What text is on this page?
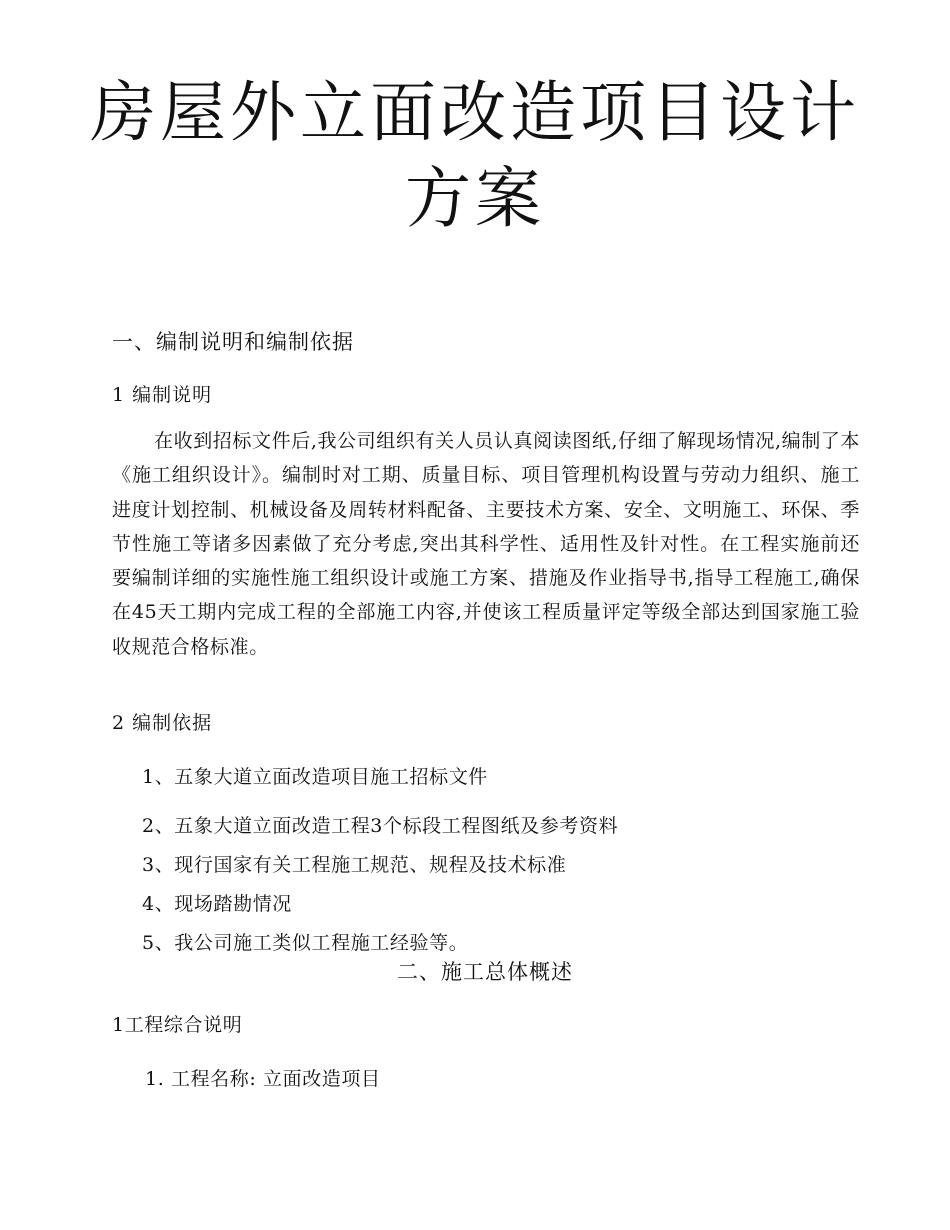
房屋外立面改造项目设计
方案
一、编制说明和编制依据
1 编制说明

在收到招标文件后,我公司组织有关人员认真阅读图纸,仔细了解现场情况,编制了本《施工组织设计》。编制时对工期、质量目标、项目管理机构设置与劳动力组织、施工进度计划控制、机械设备及周转材料配备、主要技术方案、安全、文明施工、环保、季节性施工等诸多因素做了充分考虑,突出其科学性、适用性及针对性。在工程实施前还要编制详细的实施性施工组织设计或施工方案、措施及作业指导书,指导工程施工,确保在45天工期内完成工程的全部施工内容,并使该工程质量评定等级全部达到国家施工验收规范合格标准。

2 编制依据
1、五象大道立面改造项目施工招标文件
2、五象大道立面改造工程3个标段工程图纸及参考资料
3、现行国家有关工程施工规范、规程及技术标准
4、现场踏勘情况
5、我公司施工类似工程施工经验等。
二、施工总体概述
1工程综合说明
1. 工程名称: 立面改造项目
